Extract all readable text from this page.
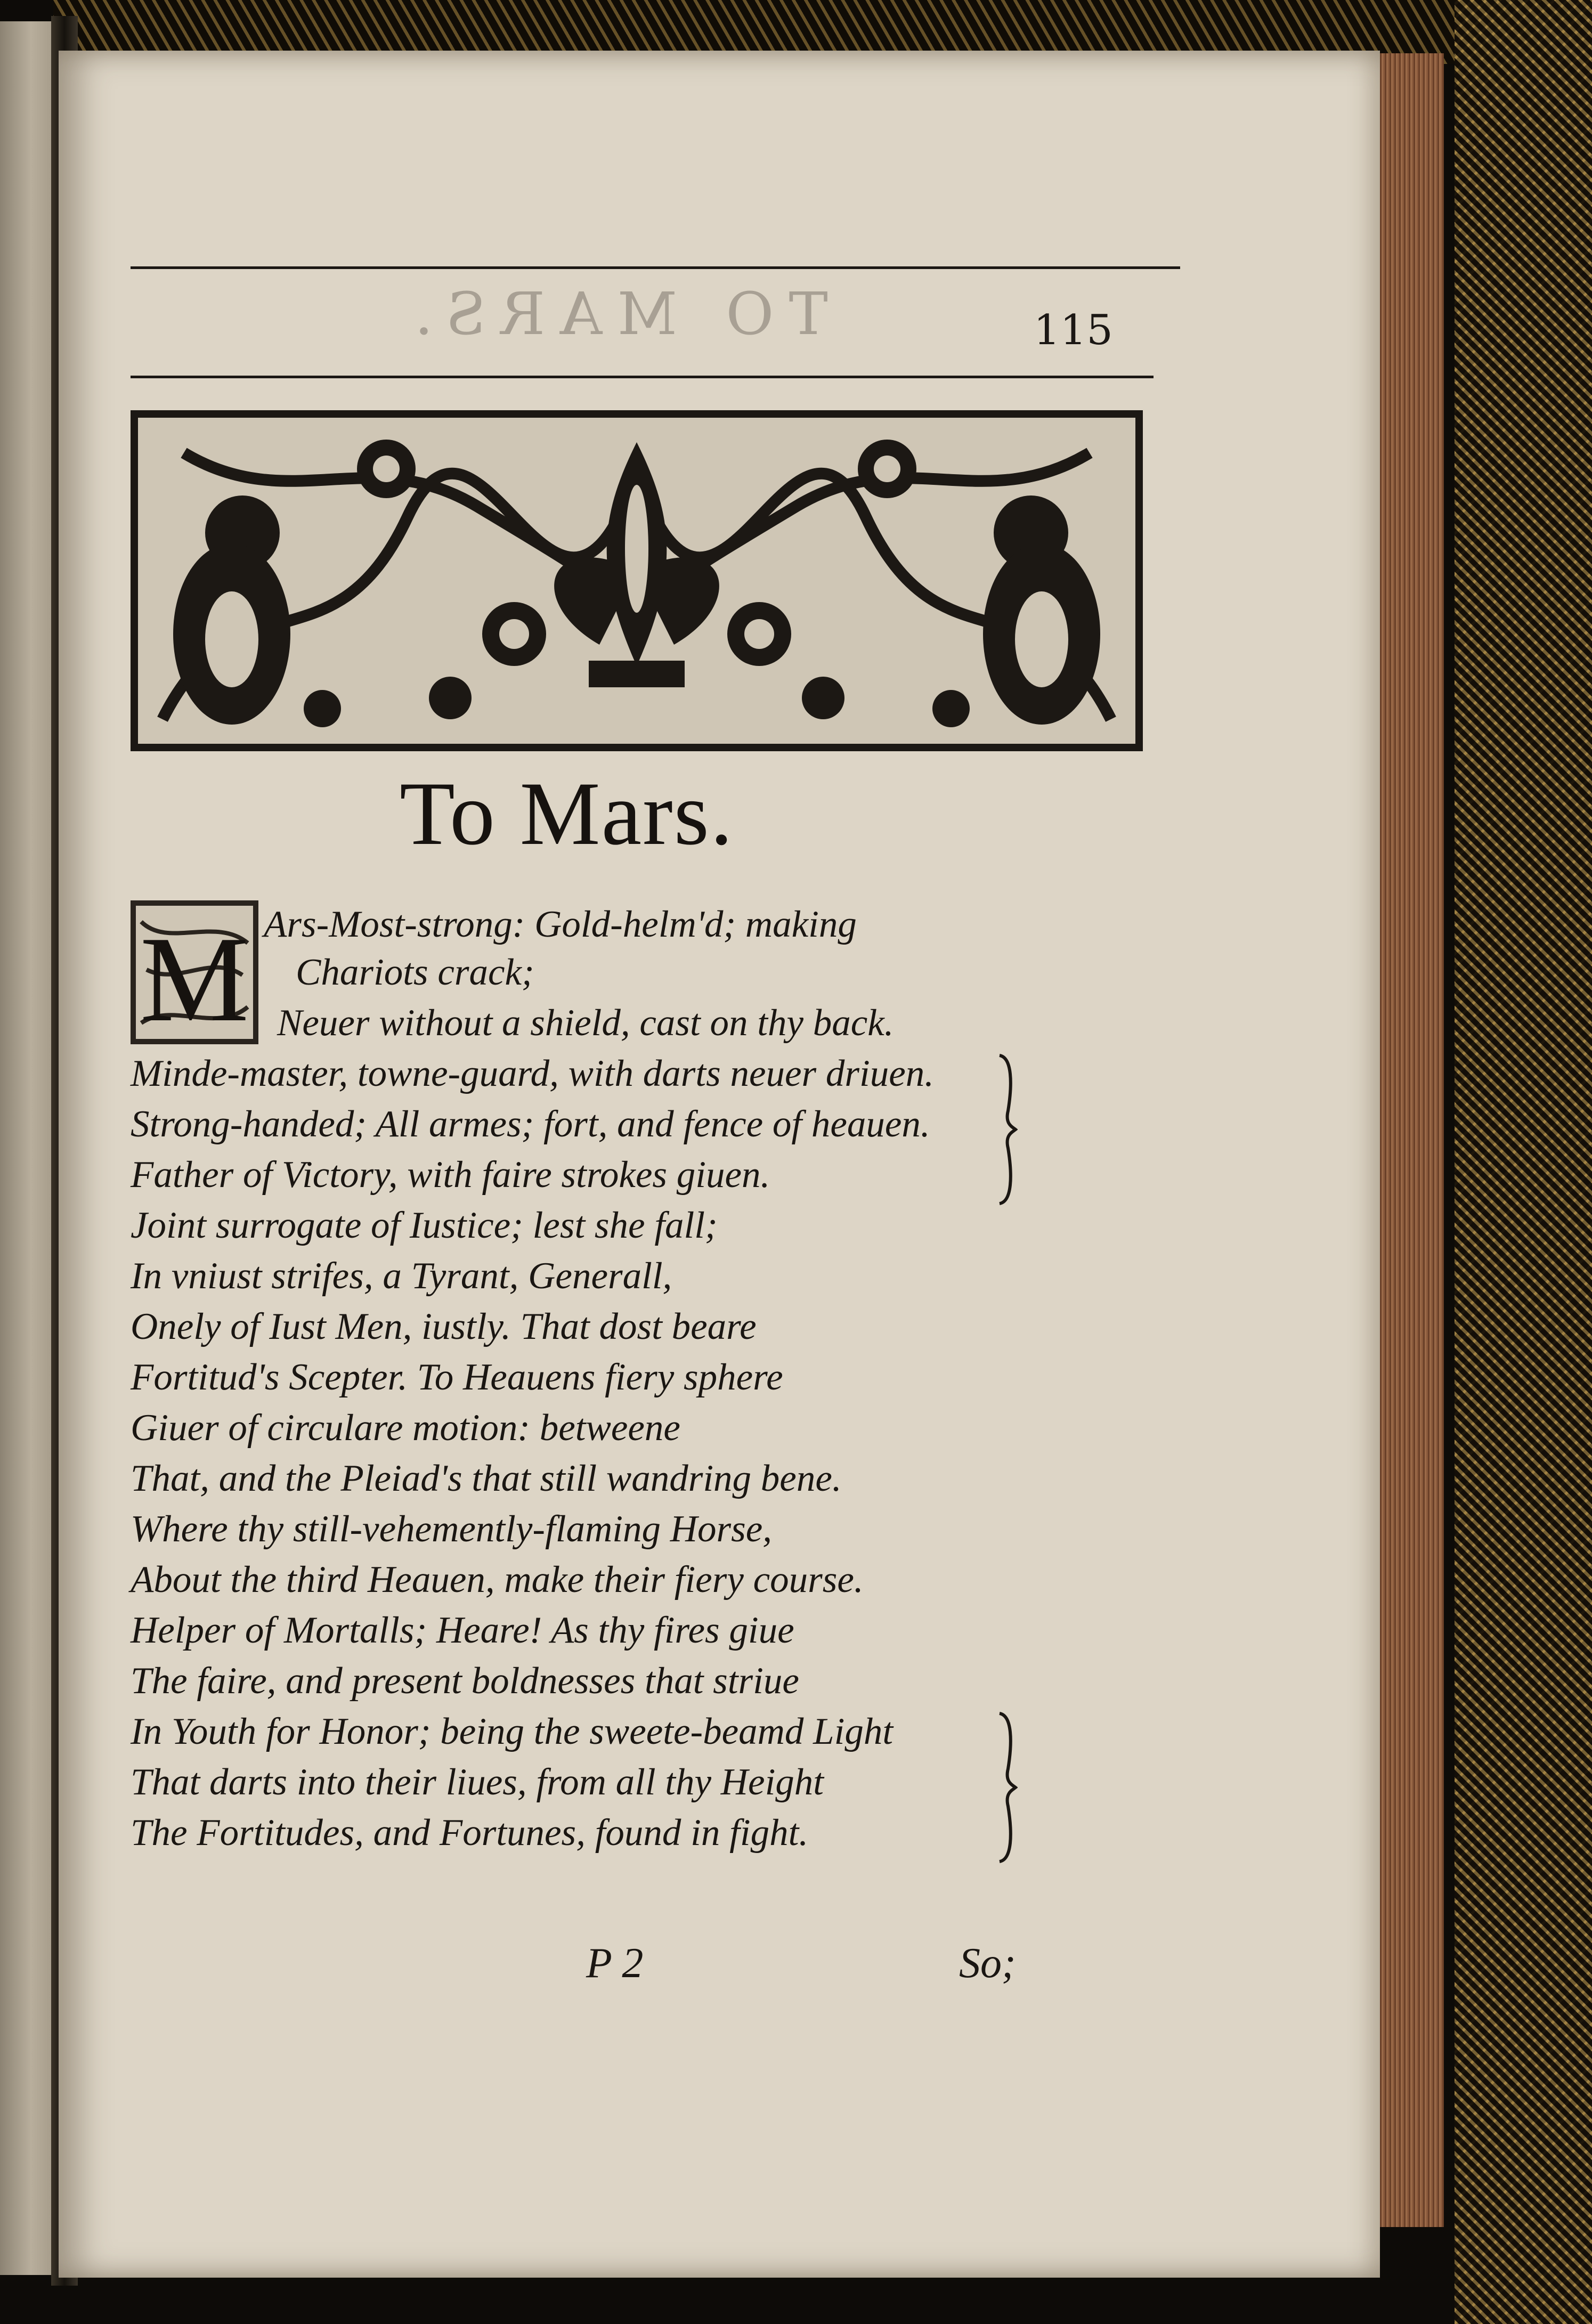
TO MARS.	115
To Mars.
M Ars-Most-strong: Gold-helm'd; making
Chariots crack;
Neuer without a shield, cast on thy back.
Minde-master, towne-guard, with darts neuer driuen.
Strong-handed; All armes; fort, and fence of heauen.
Father of Victory, with faire strokes giuen.
Joint surrogate of Iustice; lest she fall;
In vniust strifes, a Tyrant, Generall,
Onely of Iust Men, iustly. That dost beare
Fortitud's Scepter. To Heauens fiery sphere
Giuer of circulare motion: betweene
That, and the Pleiad's that still wandring bene.
Where thy still-vehemently-flaming Horse,
About the third Heauen, make their fiery course.
Helper of Mortalls; Heare! As thy fires giue
The faire, and present boldnesses that striue
In Youth for Honor; being the sweete-beamd Light
That darts into their liues, from all thy Height
The Fortitudes, and Fortunes, found in fight.
P 2	So;
